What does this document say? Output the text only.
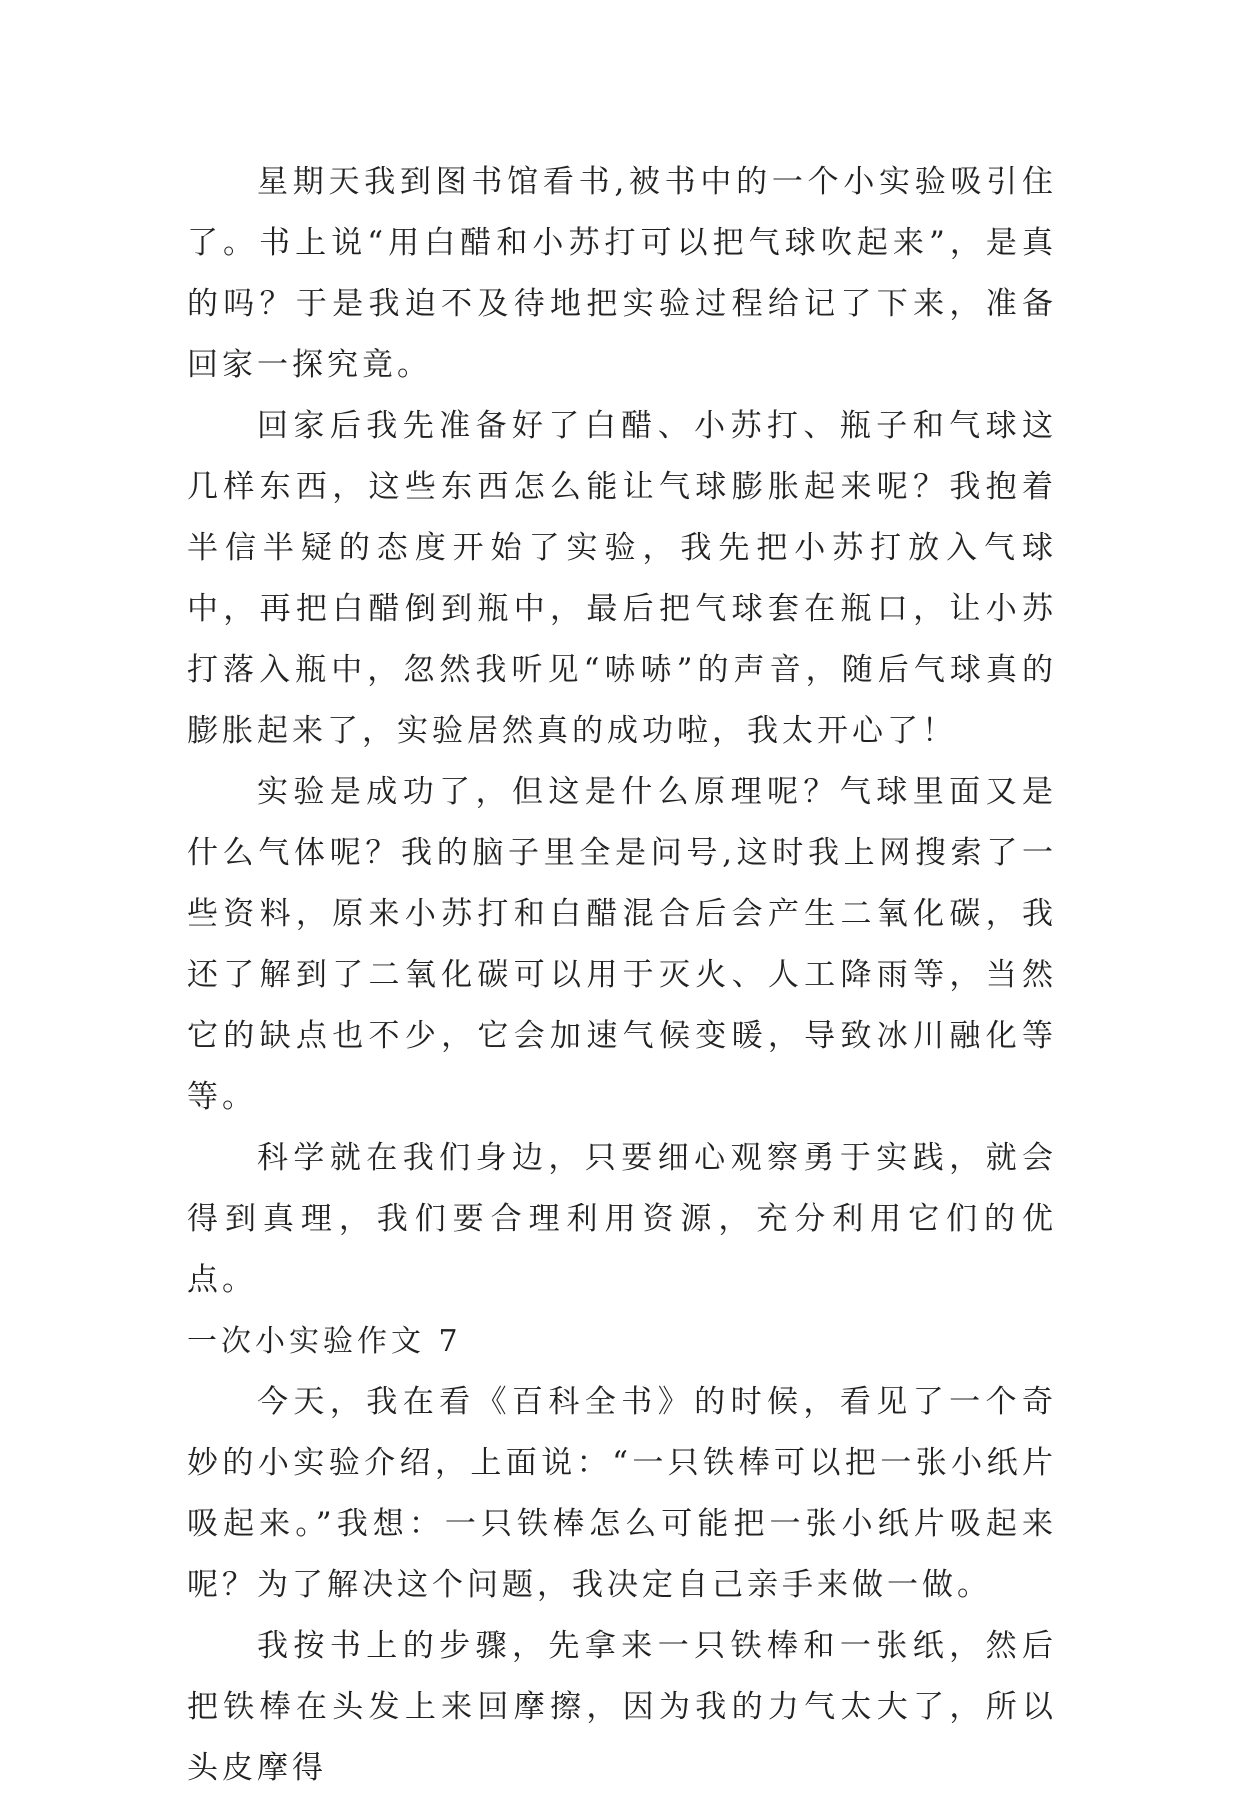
星期天我到图书馆看书,被书中的一个小实验吸引住了。书上说“用白醋和小苏打可以把气球吹起来”，是真的吗？于是我迫不及待地把实验过程给记了下来，准备回家一探究竟。

回家后我先准备好了白醋、小苏打、瓶子和气球这几样东西，这些东西怎么能让气球膨胀起来呢？我抱着半信半疑的态度开始了实验，我先把小苏打放入气球中，再把白醋倒到瓶中，最后把气球套在瓶口，让小苏打落入瓶中，忽然我听见“哧哧”的声音，随后气球真的膨胀起来了，实验居然真的成功啦，我太开心了！

实验是成功了，但这是什么原理呢？气球里面又是什么气体呢？我的脑子里全是问号,这时我上网搜索了一些资料，原来小苏打和白醋混合后会产生二氧化碳，我还了解到了二氧化碳可以用于灭火、人工降雨等，当然它的缺点也不少，它会加速气候变暖，导致冰川融化等等。

科学就在我们身边，只要细心观察勇于实践，就会得到真理，我们要合理利用资源，充分利用它们的优点。

一次小实验作文 7

今天，我在看《百科全书》的时候，看见了一个奇妙的小实验介绍，上面说：“一只铁棒可以把一张小纸片吸起来。”我想：一只铁棒怎么可能把一张小纸片吸起来呢？为了解决这个问题，我决定自己亲手来做一做。

我按书上的步骤，先拿来一只铁棒和一张纸，然后把铁棒在头发上来回摩擦，因为我的力气太大了，所以头皮摩得
